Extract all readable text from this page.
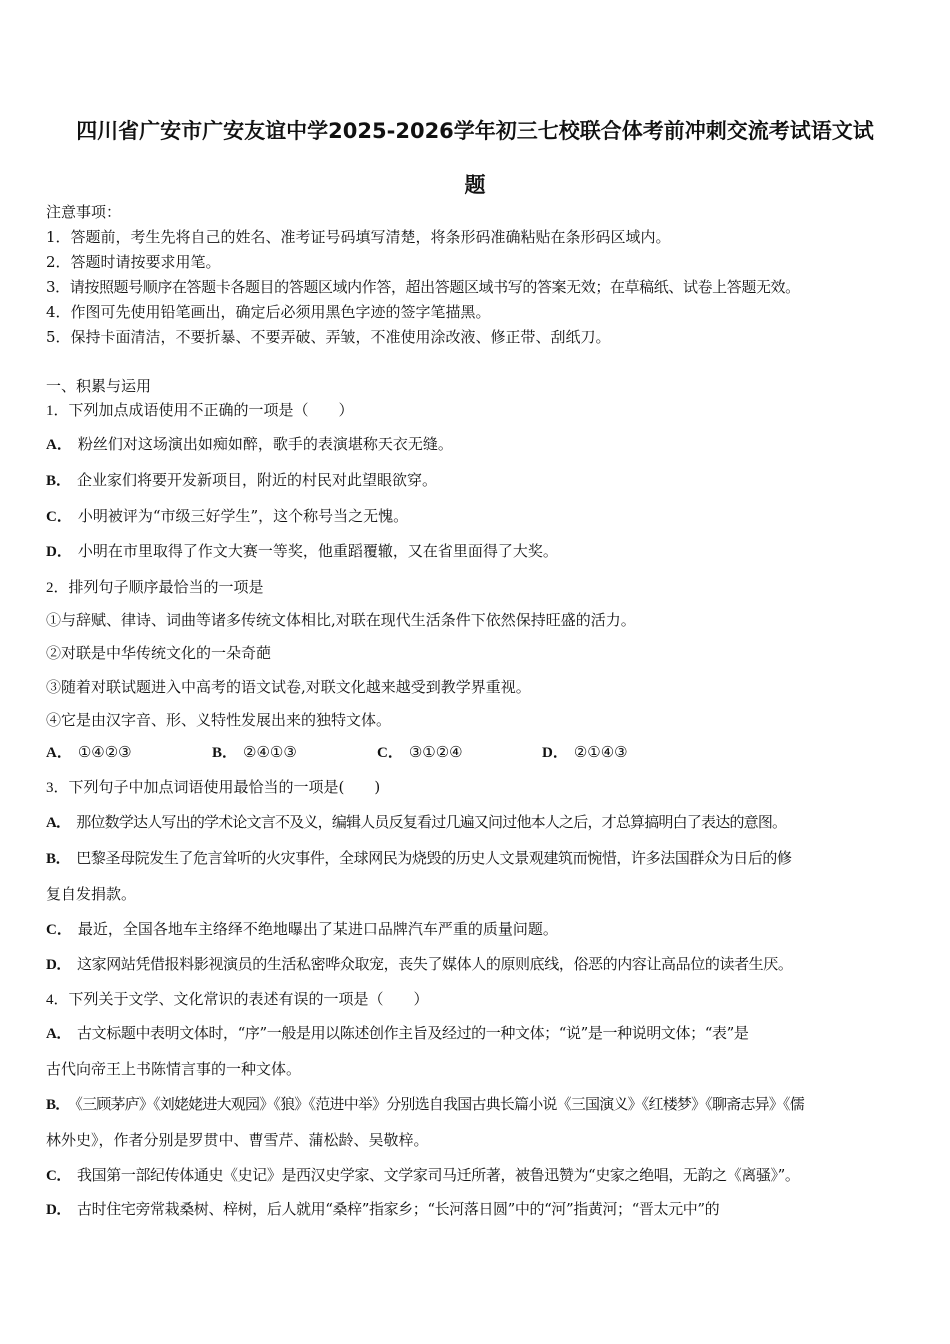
四川省广安市广安友谊中学2025-2026学年初三七校联合体考前冲刺交流考试语文试
题
注意事项：
1．答题前，考生先将自己的姓名、准考证号码填写清楚，将条形码准确粘贴在条形码区域内。
2．答题时请按要求用笔。
3．请按照题号顺序在答题卡各题目的答题区域内作答，超出答题区域书写的答案无效；在草稿纸、试卷上答题无效。
4．作图可先使用铅笔画出，确定后必须用黑色字迹的签字笔描黑。
5．保持卡面清洁，不要折暴、不要弄破、弄皱，不准使用涂改液、修正带、刮纸刀。
一、积累与运用
1．下列加点成语使用不正确的一项是（　　）
A． 粉丝们对这场演出如痴如醉，歌手的表演堪称天衣无缝。
B． 企业家们将要开发新项目，附近的村民对此望眼欲穿。
C． 小明被评为“市级三好学生”，这个称号当之无愧。
D． 小明在市里取得了作文大赛一等奖，他重蹈覆辙，又在省里面得了大奖。
2．排列句子顺序最恰当的一项是
①与辞赋、律诗、词曲等诸多传统文体相比,对联在现代生活条件下依然保持旺盛的活力。
②对联是中华传统文化的一朵奇葩
③随着对联试题进入中高考的语文试卷,对联文化越来越受到教学界重视。
④它是由汉字音、形、义特性发展出来的独特文体。
A． ①④②③	B． ②④①③	C． ③①②④	D． ②①④③
3．下列句子中加点词语使用最恰当的一项是(　　)
A． 那位数学达人写出的学术论文言不及义，编辑人员反复看过几遍又问过他本人之后，才总算搞明白了表达的意图。
B． 巴黎圣母院发生了危言耸听的火灾事件，全球网民为烧毁的历史人文景观建筑而惋惜，许多法国群众为日后的修
复自发捐款。
C． 最近，全国各地车主络绎不绝地曝出了某进口品牌汽车严重的质量问题。
D． 这家网站凭借报料影视演员的生活私密哗众取宠，丧失了媒体人的原则底线，俗恶的内容让高品位的读者生厌。
4．下列关于文学、文化常识的表述有误的一项是（　　）
A． 古文标题中表明文体时，“序”一般是用以陈述创作主旨及经过的一种文体；“说”是一种说明文体；“表”是
古代向帝王上书陈情言事的一种文体。
B． 《三顾茅庐》《刘姥姥进大观园》《狼》《范进中举》分别选自我国古典长篇小说《三国演义》《红楼梦》《聊斋志异》《儒
林外史》，作者分别是罗贯中、曹雪芹、蒲松龄、吴敬梓。
C． 我国第一部纪传体通史《史记》是西汉史学家、文学家司马迁所著，被鲁迅赞为“史家之绝唱，无韵之《离骚》”。
D． 古时住宅旁常栽桑树、梓树，后人就用“桑梓”指家乡；“长河落日圆”中的“河”指黄河；“晋太元中”的
